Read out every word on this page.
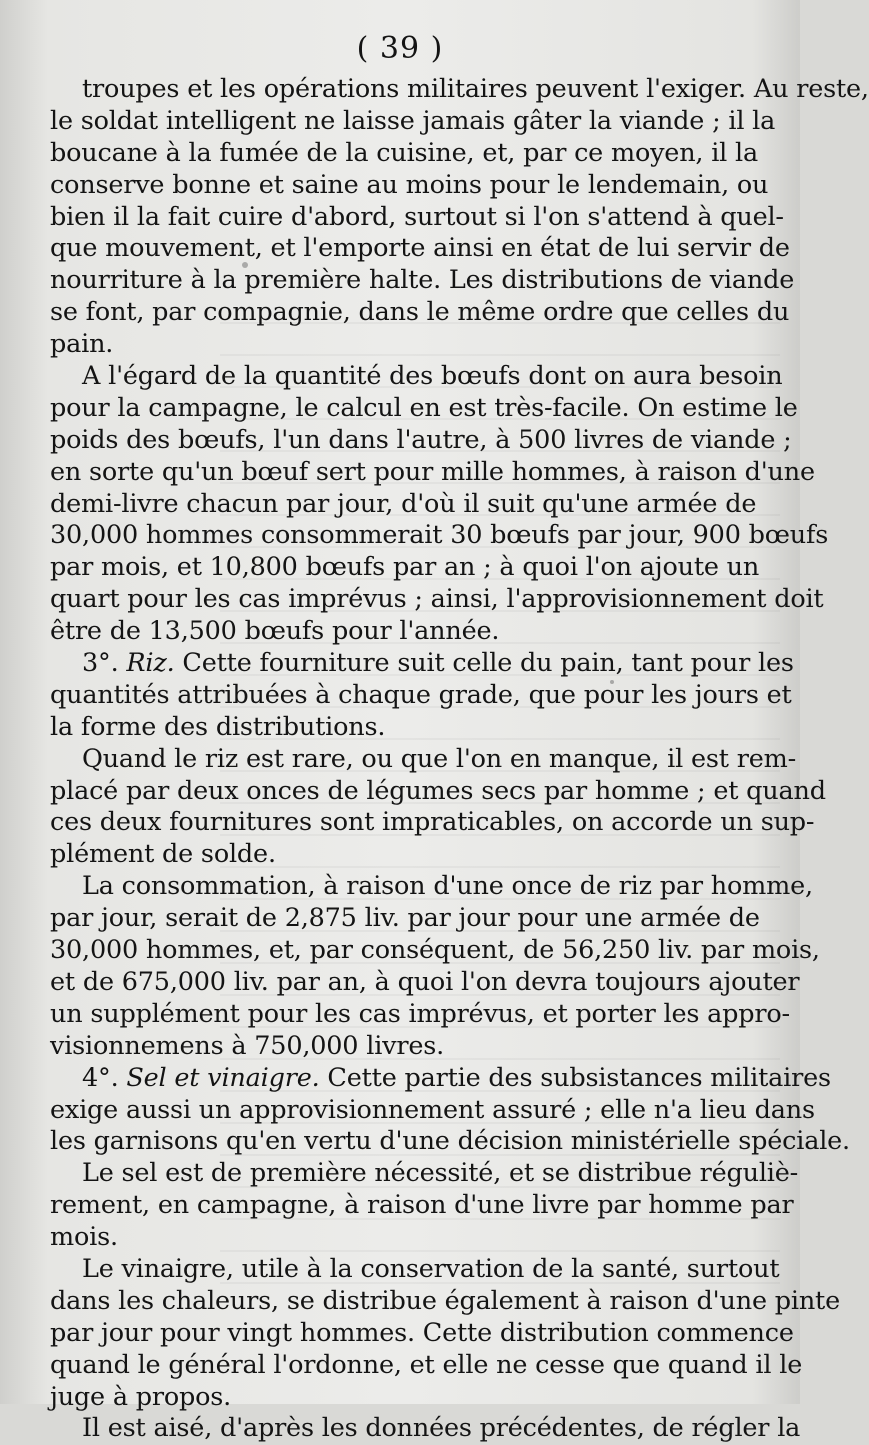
( 39 )
troupes et les opérations militaires peuvent l'exiger. Au reste,
le soldat intelligent ne laisse jamais gâter la viande ; il la
boucane à la fumée de la cuisine, et, par ce moyen, il la
conserve bonne et saine au moins pour le lendemain, ou
bien il la fait cuire d'abord, surtout si l'on s'attend à quel-
que mouvement, et l'emporte ainsi en état de lui servir de
nourriture à la première halte. Les distributions de viande
se font, par compagnie, dans le même ordre que celles du
pain.
A l'égard de la quantité des bœufs dont on aura besoin
pour la campagne, le calcul en est très-facile. On estime le
poids des bœufs, l'un dans l'autre, à 500 livres de viande ;
en sorte qu'un bœuf sert pour mille hommes, à raison d'une
demi-livre chacun par jour, d'où il suit qu'une armée de
30,000 hommes consommerait 30 bœufs par jour, 900 bœufs
par mois, et 10,800 bœufs par an ; à quoi l'on ajoute un
quart pour les cas imprévus ; ainsi, l'approvisionnement doit
être de 13,500 bœufs pour l'année.
3°. Riz. Cette fourniture suit celle du pain, tant pour les
quantités attribuées à chaque grade, que pour les jours et
la forme des distributions.
Quand le riz est rare, ou que l'on en manque, il est rem-
placé par deux onces de légumes secs par homme ; et quand
ces deux fournitures sont impraticables, on accorde un sup-
plément de solde.
La consommation, à raison d'une once de riz par homme,
par jour, serait de 2,875 liv. par jour pour une armée de
30,000 hommes, et, par conséquent, de 56,250 liv. par mois,
et de 675,000 liv. par an, à quoi l'on devra toujours ajouter
un supplément pour les cas imprévus, et porter les appro-
visionnemens à 750,000 livres.
4°. Sel et vinaigre. Cette partie des subsistances militaires
exige aussi un approvisionnement assuré ; elle n'a lieu dans
les garnisons qu'en vertu d'une décision ministérielle spéciale.
Le sel est de première nécessité, et se distribue réguliè-
rement, en campagne, à raison d'une livre par homme par
mois.
Le vinaigre, utile à la conservation de la santé, surtout
dans les chaleurs, se distribue également à raison d'une pinte
par jour pour vingt hommes. Cette distribution commence
quand le général l'ordonne, et elle ne cesse que quand il le
juge à propos.
Il est aisé, d'après les données précédentes, de régler la
